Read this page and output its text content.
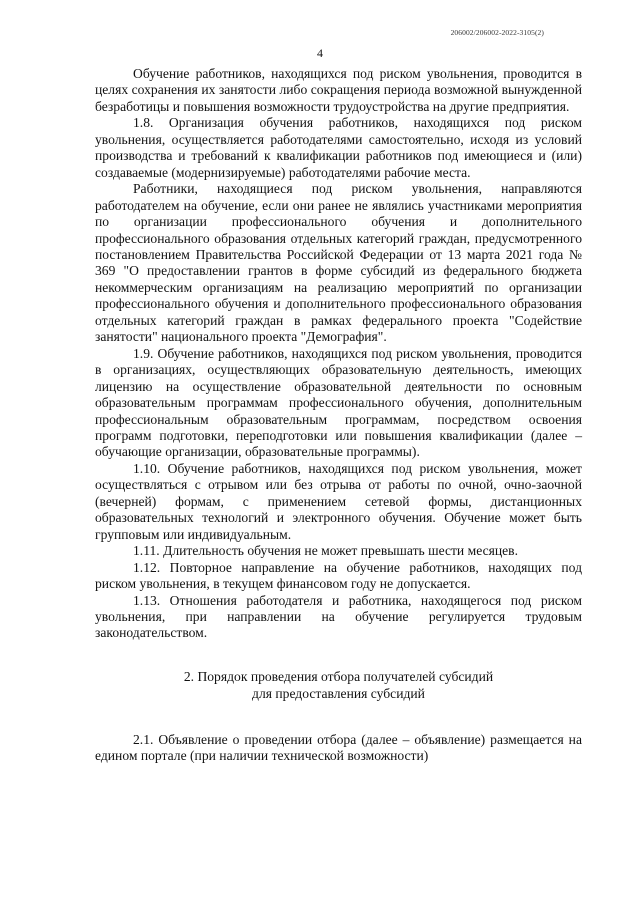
206002/206002-2022-3105(2)
4

Обучение работников, находящихся под риском увольнения, проводится в целях сохранения их занятости либо сокращения периода возможной вынужденной безработицы и повышения возможности трудоустройства на другие предприятия.

1.8. Организация обучения работников, находящихся под риском увольнения, осуществляется работодателями самостоятельно, исходя из условий производства и требований к квалификации работников под имеющиеся и (или) создаваемые (модернизируемые) работодателями рабочие места.

Работники, находящиеся под риском увольнения, направляются работодателем на обучение, если они ранее не являлись участниками мероприятия по организации профессионального обучения и дополнительного профессионального образования отдельных категорий граждан, предусмотренного постановлением Правительства Российской Федерации от 13 марта 2021 года № 369 "О предоставлении грантов в форме субсидий из федерального бюджета некоммерческим организациям на реализацию мероприятий по организации профессионального обучения и дополнительного профессионального образования отдельных категорий граждан в рамках федерального проекта "Содействие занятости" национального проекта "Демография".

1.9. Обучение работников, находящихся под риском увольнения, проводится в организациях, осуществляющих образовательную деятельность, имеющих лицензию на осуществление образовательной деятельности по основным образовательным программам профессионального обучения, дополнительным профессиональным образовательным программам, посредством освоения программ подготовки, переподготовки или повышения квалификации (далее – обучающие организации, образовательные программы).

1.10. Обучение работников, находящихся под риском увольнения, может осуществляться с отрывом или без отрыва от работы по очной, очно-заочной (вечерней) формам, с применением сетевой формы, дистанционных образовательных технологий и электронного обучения. Обучение может быть групповым или индивидуальным.

1.11. Длительность обучения не может превышать шести месяцев.

1.12. Повторное направление на обучение работников, находящих под риском увольнения, в текущем финансовом году не допускается.

1.13. Отношения работодателя и работника, находящегося под риском увольнения, при направлении на обучение регулируется трудовым законодательством.

2. Порядок проведения отбора получателей субсидий
для предоставления субсидий

2.1. Объявление о проведении отбора (далее – объявление) размещается на едином портале (при наличии технической возможности)
